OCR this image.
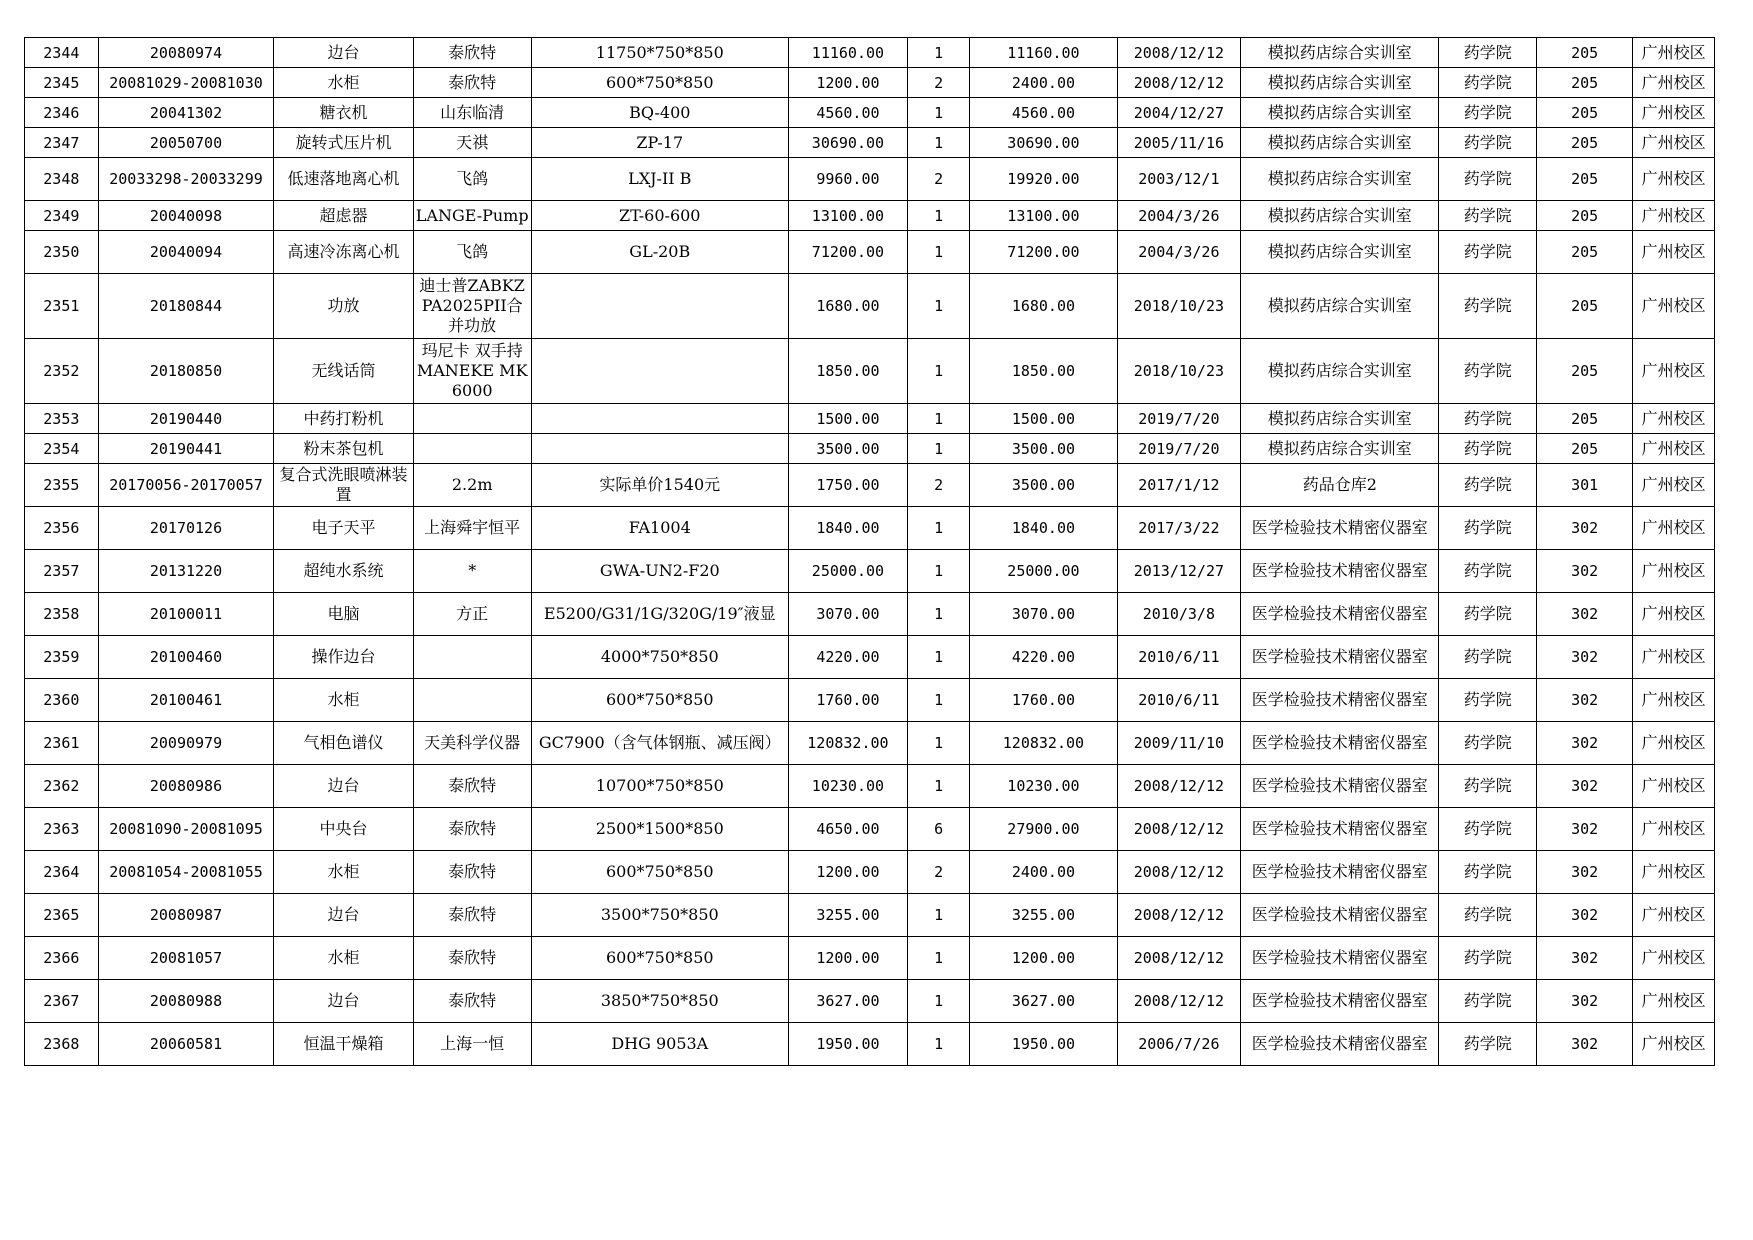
2344	20080974	边台	泰欣特	11750*750*850	11160.00	1	11160.00	2008/12/12	模拟药店综合实训室	药学院	205	广州校区
2345	20081029-20081030	水柜	泰欣特	600*750*850	1200.00	2	2400.00	2008/12/12	模拟药店综合实训室	药学院	205	广州校区
2346	20041302	糖衣机	山东临清	BQ-400	4560.00	1	4560.00	2004/12/27	模拟药店综合实训室	药学院	205	广州校区
2347	20050700	旋转式压片机	天祺	ZP-17	30690.00	1	30690.00	2005/11/16	模拟药店综合实训室	药学院	205	广州校区
2348	20033298-20033299	低速落地离心机	飞鸽	LXJ-II B	9960.00	2	19920.00	2003/12/1	模拟药店综合实训室	药学院	205	广州校区
2349	20040098	超虑器	LANGE-Pump	ZT-60-600	13100.00	1	13100.00	2004/3/26	模拟药店综合实训室	药学院	205	广州校区
2350	20040094	高速冷冻离心机	飞鸽	GL-20B	71200.00	1	71200.00	2004/3/26	模拟药店综合实训室	药学院	205	广州校区
2351	20180844	功放	迪士普ZABKZPA2025PII合并功放		1680.00	1	1680.00	2018/10/23	模拟药店综合实训室	药学院	205	广州校区
2352	20180850	无线话筒	玛尼卡 双手持MANEKE MK6000		1850.00	1	1850.00	2018/10/23	模拟药店综合实训室	药学院	205	广州校区
2353	20190440	中药打粉机			1500.00	1	1500.00	2019/7/20	模拟药店综合实训室	药学院	205	广州校区
2354	20190441	粉末茶包机			3500.00	1	3500.00	2019/7/20	模拟药店综合实训室	药学院	205	广州校区
2355	20170056-20170057	复合式洗眼喷淋装置	2.2m	实际单价1540元	1750.00	2	3500.00	2017/1/12	药品仓库2	药学院	301	广州校区
2356	20170126	电子天平	上海舜宇恒平	FA1004	1840.00	1	1840.00	2017/3/22	医学检验技术精密仪器室	药学院	302	广州校区
2357	20131220	超纯水系统	*	GWA-UN2-F20	25000.00	1	25000.00	2013/12/27	医学检验技术精密仪器室	药学院	302	广州校区
2358	20100011	电脑	方正	E5200/G31/1G/320G/19″液显	3070.00	1	3070.00	2010/3/8	医学检验技术精密仪器室	药学院	302	广州校区
2359	20100460	操作边台		4000*750*850	4220.00	1	4220.00	2010/6/11	医学检验技术精密仪器室	药学院	302	广州校区
2360	20100461	水柜		600*750*850	1760.00	1	1760.00	2010/6/11	医学检验技术精密仪器室	药学院	302	广州校区
2361	20090979	气相色谱仪	天美科学仪器	GC7900（含气体钢瓶、减压阀）	120832.00	1	120832.00	2009/11/10	医学检验技术精密仪器室	药学院	302	广州校区
2362	20080986	边台	泰欣特	10700*750*850	10230.00	1	10230.00	2008/12/12	医学检验技术精密仪器室	药学院	302	广州校区
2363	20081090-20081095	中央台	泰欣特	2500*1500*850	4650.00	6	27900.00	2008/12/12	医学检验技术精密仪器室	药学院	302	广州校区
2364	20081054-20081055	水柜	泰欣特	600*750*850	1200.00	2	2400.00	2008/12/12	医学检验技术精密仪器室	药学院	302	广州校区
2365	20080987	边台	泰欣特	3500*750*850	3255.00	1	3255.00	2008/12/12	医学检验技术精密仪器室	药学院	302	广州校区
2366	20081057	水柜	泰欣特	600*750*850	1200.00	1	1200.00	2008/12/12	医学检验技术精密仪器室	药学院	302	广州校区
2367	20080988	边台	泰欣特	3850*750*850	3627.00	1	3627.00	2008/12/12	医学检验技术精密仪器室	药学院	302	广州校区
2368	20060581	恒温干燥箱	上海一恒	DHG 9053A	1950.00	1	1950.00	2006/7/26	医学检验技术精密仪器室	药学院	302	广州校区
